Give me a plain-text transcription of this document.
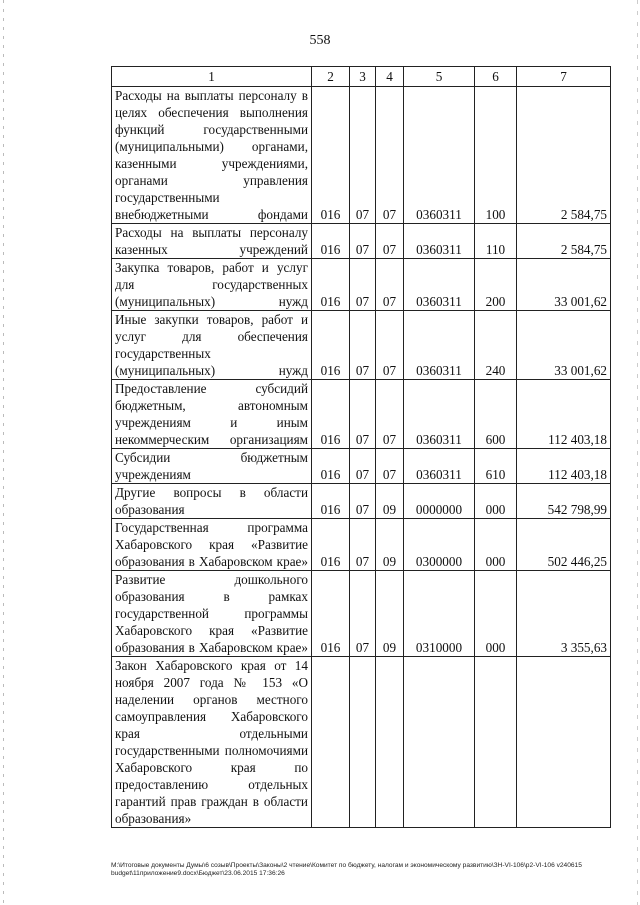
558
1	2	3	4	5	6	7
Расходы на выплаты персоналу в целях обеспечения выполнения функций государственными (муниципальными) органами, казенными учреждениями, органами управления государственными внебюджетными фондами	016	07	07	0360311	100	2 584,75
Расходы на выплаты персоналу казенных учреждений	016	07	07	0360311	110	2 584,75
Закупка товаров, работ и услуг для государственных (муниципальных) нужд	016	07	07	0360311	200	33 001,62
Иные закупки товаров, работ и услуг для обеспечения государственных (муниципальных) нужд	016	07	07	0360311	240	33 001,62
Предоставление субсидий бюджетным, автономным учреждениям и иным некоммерческим организациям	016	07	07	0360311	600	112 403,18
Субсидии бюджетным учреждениям	016	07	07	0360311	610	112 403,18
Другие вопросы в области образования	016	07	09	0000000	000	542 798,99
Государственная программа Хабаровского края «Развитие образования в Хабаровском крае»	016	07	09	0300000	000	502 446,25
Развитие дошкольного образования в рамках государственной программы Хабаровского края «Развитие образования в Хабаровском крае»	016	07	09	0310000	000	3 355,63
Закон Хабаровского края от 14 ноября 2007 года № 153 «О наделении органов местного самоуправления Хабаровского края отдельными государственными полномочиями Хабаровского края по предоставлению отдельных гарантий прав граждан в области образования»						
M:\Итоговые документы Думы\6 созыв\Проекты\Законы\2 чтение\Комитет по бюджету, налогам и экономическому развитию\ЗН-VI-106\р2-VI-106 v240615 budget\11приложение9.docx\Бюджет\23.06.2015 17:36:26
